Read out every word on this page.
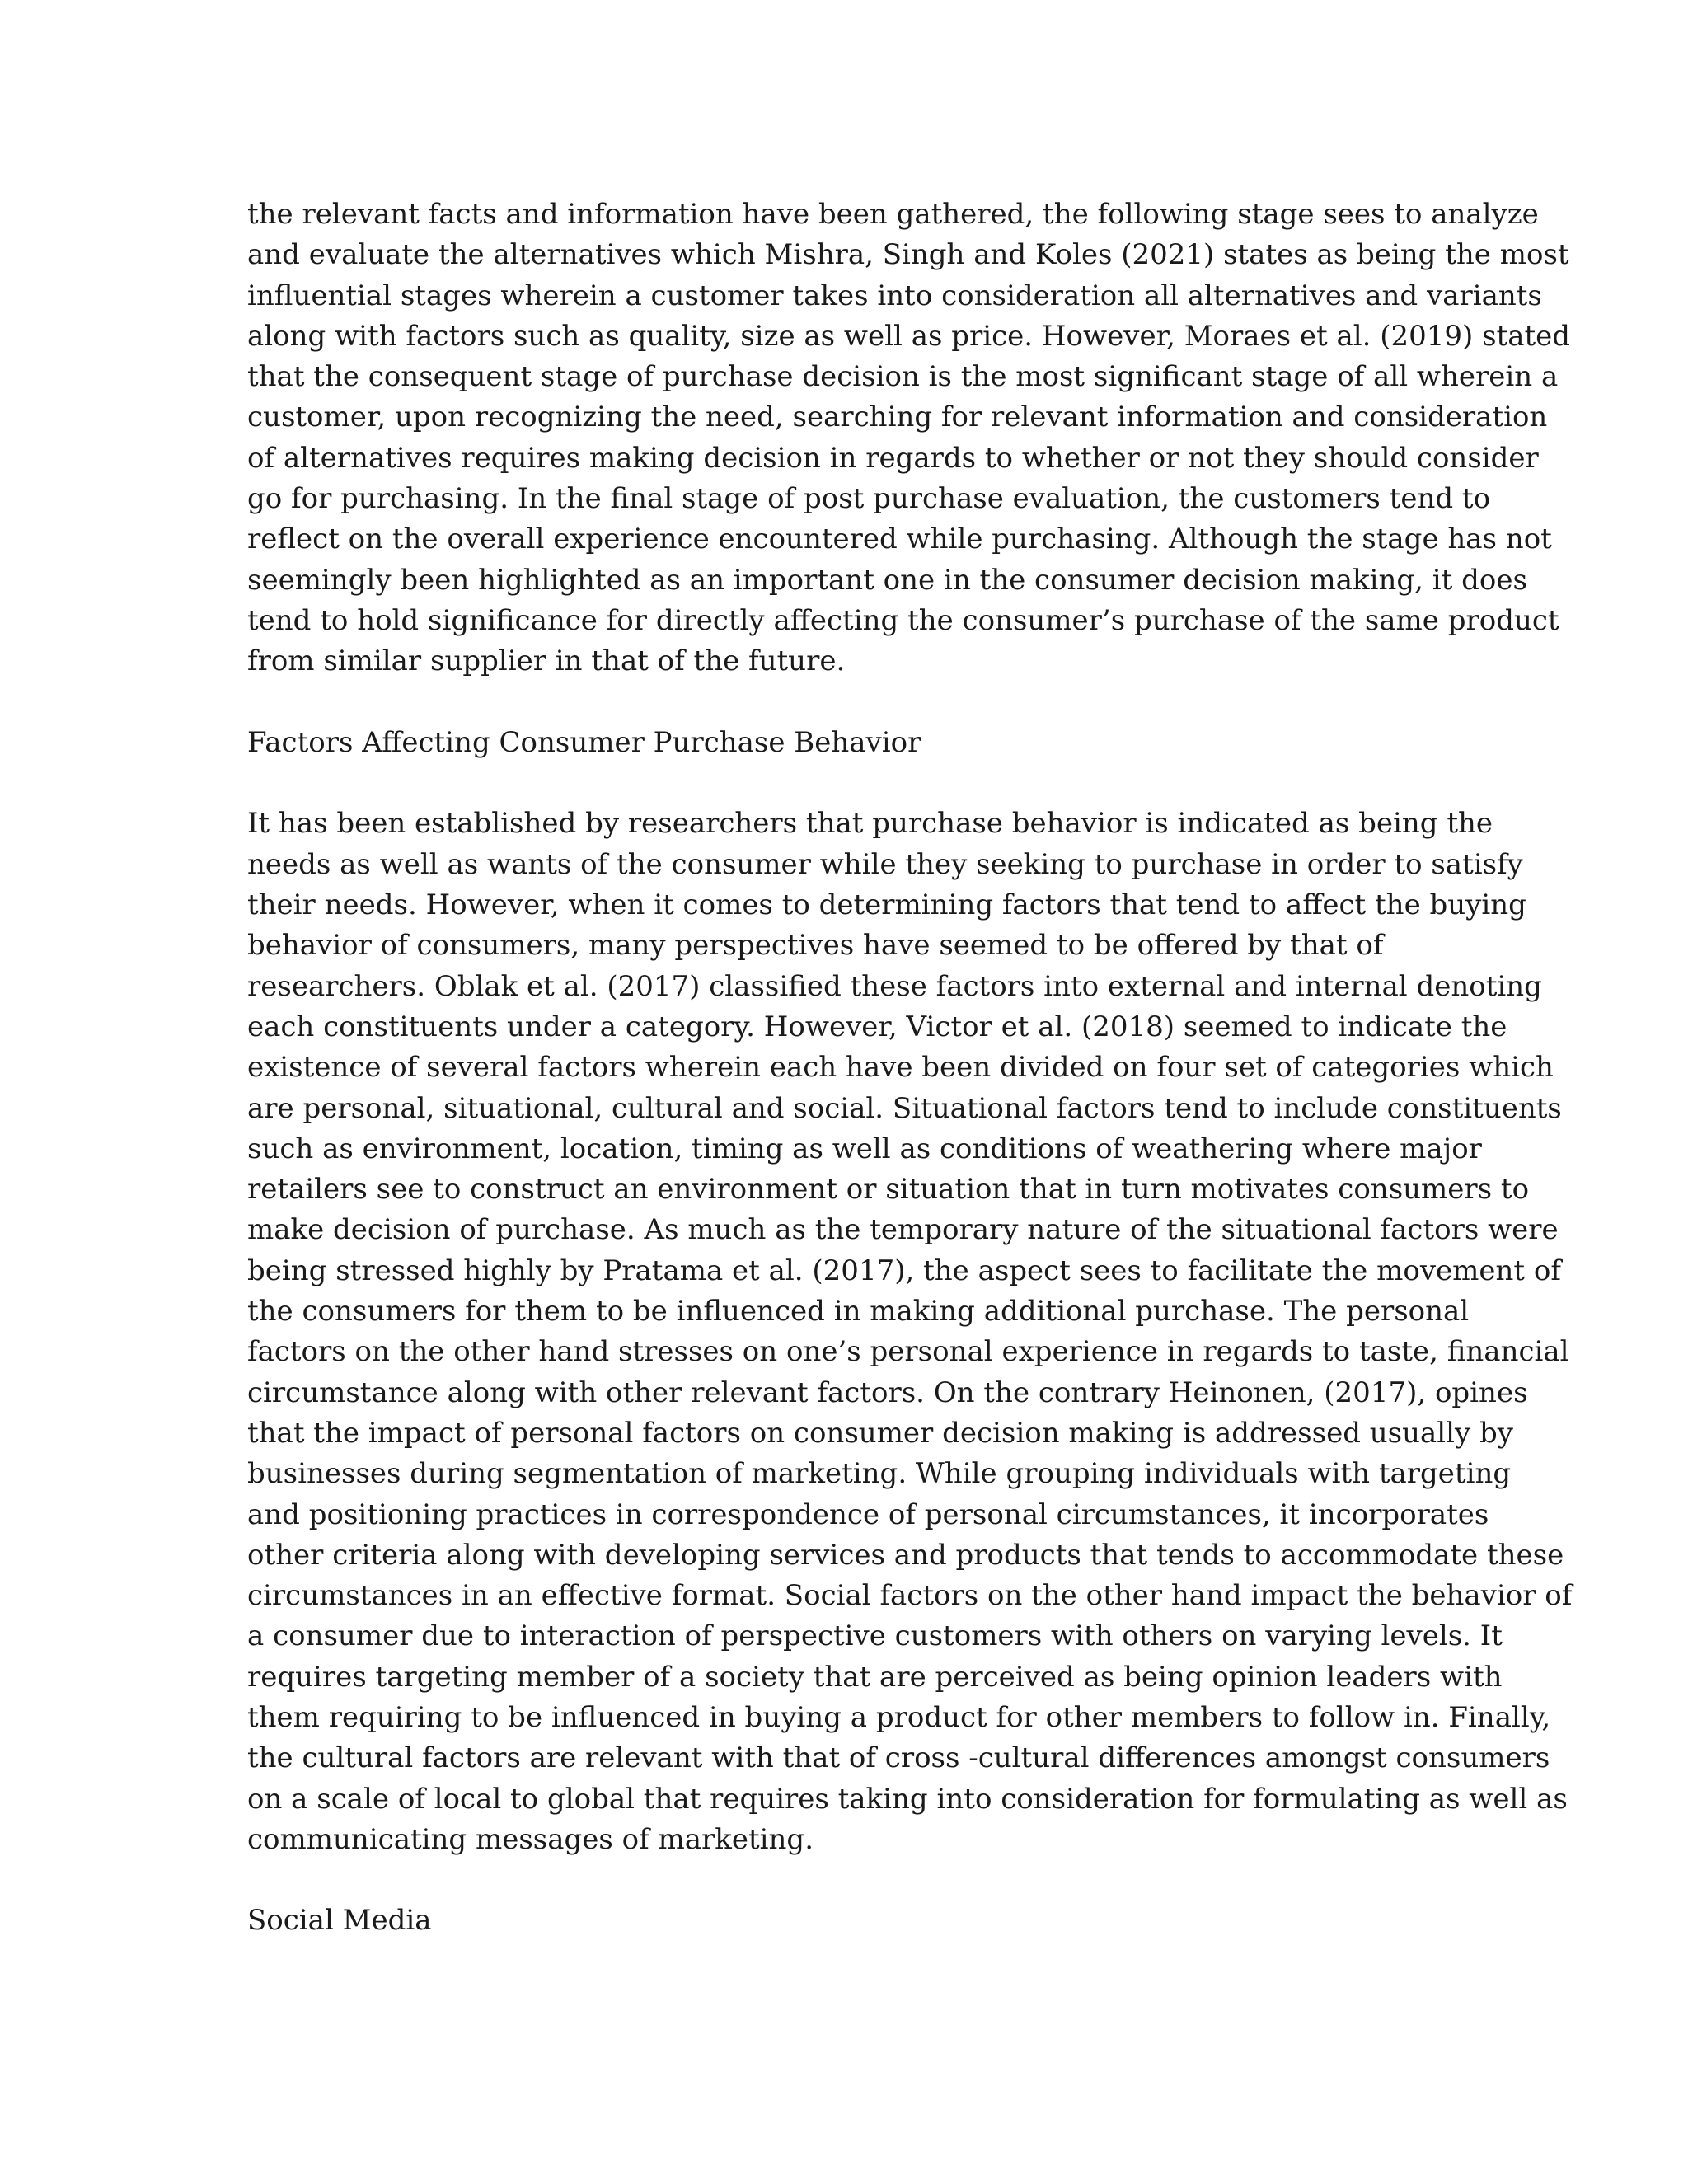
the relevant facts and information have been gathered, the following stage sees to analyze
and evaluate the alternatives which Mishra, Singh and Koles (2021) states as being the most
influential stages wherein a customer takes into consideration all alternatives and variants
along with factors such as quality, size as well as price. However, Moraes et al. (2019) stated
that the consequent stage of purchase decision is the most significant stage of all wherein a
customer, upon recognizing the need, searching for relevant information and consideration
of alternatives requires making decision in regards to whether or not they should consider
go for purchasing. In the final stage of post purchase evaluation, the customers tend to
reflect on the overall experience encountered while purchasing. Although the stage has not
seemingly been highlighted as an important one in the consumer decision making, it does
tend to hold significance for directly affecting the consumer’s purchase of the same product
from similar supplier in that of the future.
Factors Affecting Consumer Purchase Behavior
It has been established by researchers that purchase behavior is indicated as being the
needs as well as wants of the consumer while they seeking to purchase in order to satisfy
their needs. However, when it comes to determining factors that tend to affect the buying
behavior of consumers, many perspectives have seemed to be offered by that of
researchers. Oblak et al. (2017) classified these factors into external and internal denoting
each constituents under a category. However, Victor et al. (2018) seemed to indicate the
existence of several factors wherein each have been divided on four set of categories which
are personal, situational, cultural and social. Situational factors tend to include constituents
such as environment, location, timing as well as conditions of weathering where major
retailers see to construct an environment or situation that in turn motivates consumers to
make decision of purchase. As much as the temporary nature of the situational factors were
being stressed highly by Pratama et al. (2017), the aspect sees to facilitate the movement of
the consumers for them to be influenced in making additional purchase. The personal
factors on the other hand stresses on one’s personal experience in regards to taste, financial
circumstance along with other relevant factors. On the contrary Heinonen, (2017), opines
that the impact of personal factors on consumer decision making is addressed usually by
businesses during segmentation of marketing. While grouping individuals with targeting
and positioning practices in correspondence of personal circumstances, it incorporates
other criteria along with developing services and products that tends to accommodate these
circumstances in an effective format. Social factors on the other hand impact the behavior of
a consumer due to interaction of perspective customers with others on varying levels. It
requires targeting member of a society that are perceived as being opinion leaders with
them requiring to be influenced in buying a product for other members to follow in. Finally,
the cultural factors are relevant with that of cross -cultural differences amongst consumers
on a scale of local to global that requires taking into consideration for formulating as well as
communicating messages of marketing.
Social Media
